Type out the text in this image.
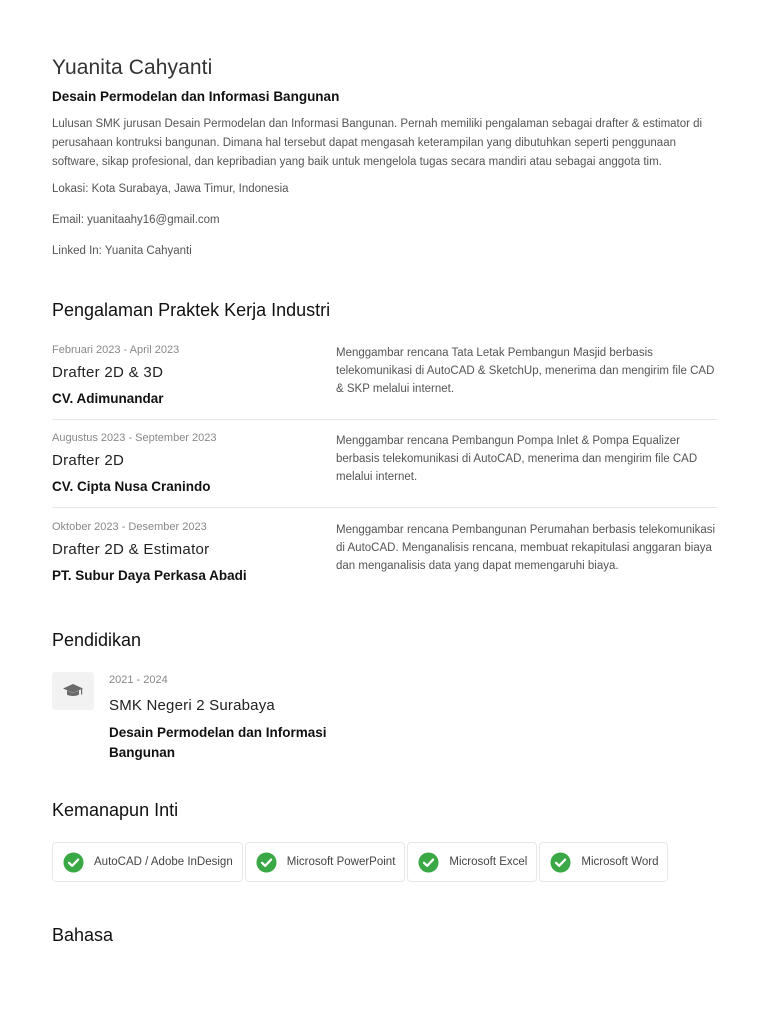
Yuanita Cahyanti
Desain Permodelan dan Informasi Bangunan

Lulusan SMK jurusan Desain Permodelan dan Informasi Bangunan. Pernah memiliki pengalaman sebagai drafter & estimator di perusahaan kontruksi bangunan. Dimana hal tersebut dapat mengasah keterampilan yang dibutuhkan seperti penggunaan software, sikap profesional, dan kepribadian yang baik untuk mengelola tugas secara mandiri atau sebagai anggota tim.

Lokasi: Kota Surabaya, Jawa Timur, Indonesia
Email: yuanitaahy16@gmail.com
Linked In: Yuanita Cahyanti
Pengalaman Praktek Kerja Industri
Februari 2023 - April 2023
Drafter 2D & 3D
CV. Adimunandar
Menggambar rencana Tata Letak Pembangun Masjid berbasis telekomunikasi di AutoCAD & SketchUp, menerima dan mengirim file CAD & SKP melalui internet.
Augustus 2023 - September 2023
Drafter 2D
CV. Cipta Nusa Cranindo
Menggambar rencana Pembangun Pompa Inlet & Pompa Equalizer berbasis telekomunikasi di AutoCAD, menerima dan mengirim file CAD melalui internet.
Oktober 2023 - Desember 2023
Drafter 2D & Estimator
PT. Subur Daya Perkasa Abadi
Menggambar rencana Pembangunan Perumahan berbasis telekomunikasi di AutoCAD. Menganalisis rencana, membuat rekapitulasi anggaran biaya dan menganalisis data yang dapat memengaruhi biaya.
Pendidikan
2021 - 2024
SMK Negeri 2 Surabaya
Desain Permodelan dan Informasi Bangunan
Kemanapun Inti
AutoCAD / Adobe InDesign	Microsoft PowerPoint	Microsoft Excel	Microsoft Word
Bahasa
